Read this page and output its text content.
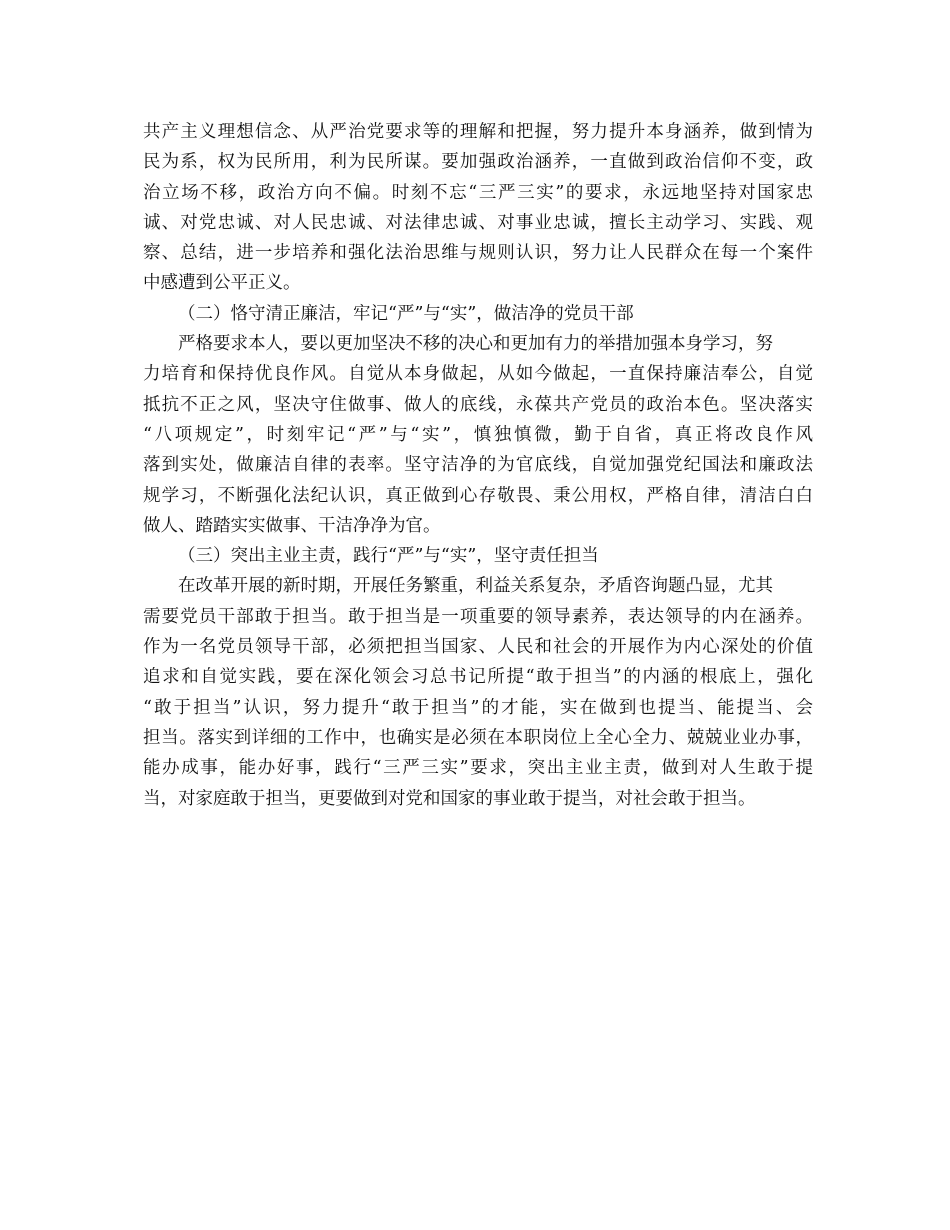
共产主义理想信念、从严治党要求等的理解和把握，努力提升本身涵养，做到情为
民为系，权为民所用，利为民所谋。要加强政治涵养，一直做到政治信仰不变，政
治立场不移，政治方向不偏。时刻不忘“三严三实”的要求，永远地坚持对国家忠
诚、对党忠诚、对人民忠诚、对法律忠诚、对事业忠诚，擅长主动学习、实践、观
察、总结，进一步培养和强化法治思维与规则认识，努力让人民群众在每一个案件
中感遭到公平正义。
（二）恪守清正廉洁，牢记“严”与“实”，做洁净的党员干部
严格要求本人，要以更加坚决不移的决心和更加有力的举措加强本身学习，努
力培育和保持优良作风。自觉从本身做起，从如今做起，一直保持廉洁奉公，自觉
抵抗不正之风，坚决守住做事、做人的底线，永葆共产党员的政治本色。坚决落实
“八项规定”，时刻牢记“严”与“实”，慎独慎微，勤于自省，真正将改良作风
落到实处，做廉洁自律的表率。坚守洁净的为官底线，自觉加强党纪国法和廉政法
规学习，不断强化法纪认识，真正做到心存敬畏、秉公用权，严格自律，清洁白白
做人、踏踏实实做事、干洁净净为官。
（三）突出主业主责，践行“严”与“实”，坚守责任担当
在改革开展的新时期，开展任务繁重，利益关系复杂，矛盾咨询题凸显，尤其
需要党员干部敢于担当。敢于担当是一项重要的领导素养，表达领导的内在涵养。
作为一名党员领导干部，必须把担当国家、人民和社会的开展作为内心深处的价值
追求和自觉实践，要在深化领会习总书记所提“敢于担当”的内涵的根底上，强化
“敢于担当”认识，努力提升“敢于担当”的才能，实在做到也提当、能提当、会
担当。落实到详细的工作中，也确实是必须在本职岗位上全心全力、兢兢业业办事，
能办成事，能办好事，践行“三严三实”要求，突出主业主责，做到对人生敢于提
当，对家庭敢于担当，更要做到对党和国家的事业敢于提当，对社会敢于担当。
